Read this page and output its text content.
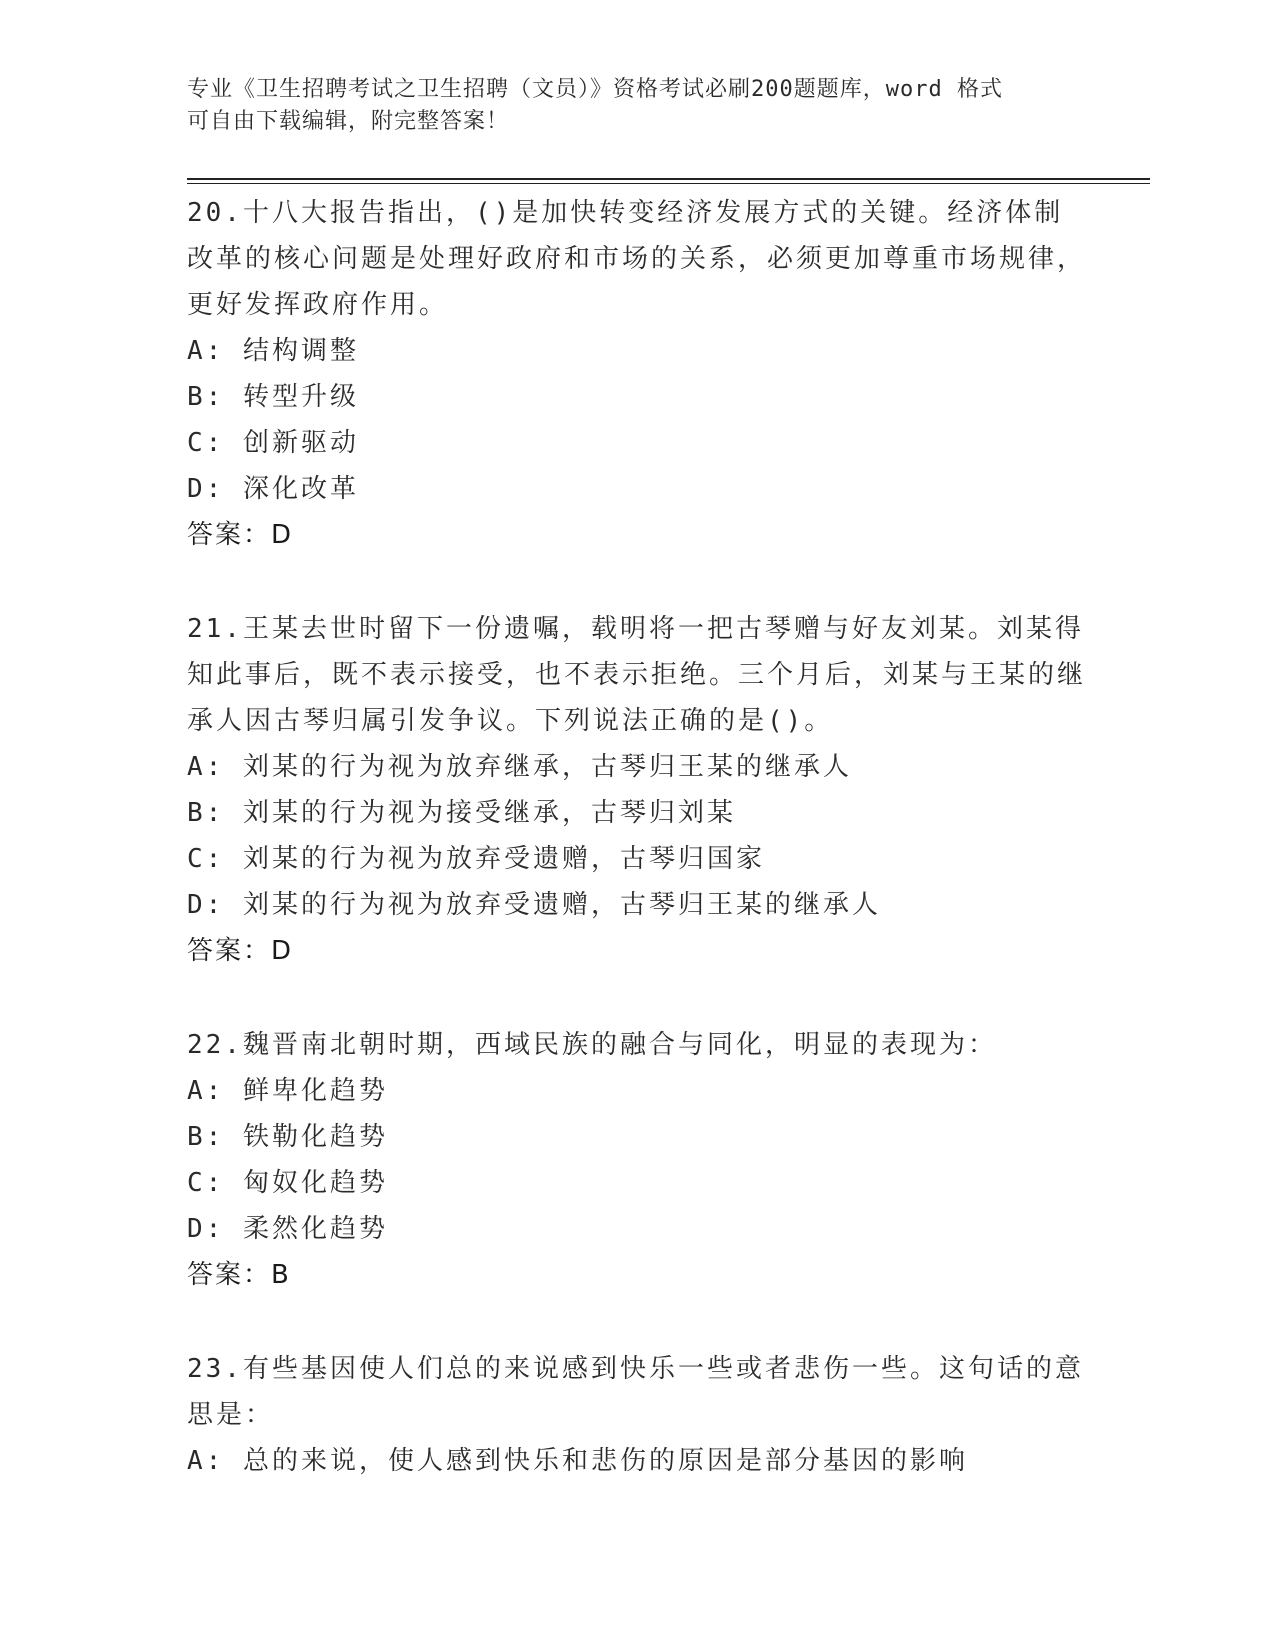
专业《卫生招聘考试之卫生招聘（文员）》资格考试必刷200题题库，word 格式
可自由下载编辑，附完整答案！

20.十八大报告指出，()是加快转变经济发展方式的关键。经济体制改革的核心问题是处理好政府和市场的关系，必须更加尊重市场规律，更好发挥政府作用。

A: 结构调整

B: 转型升级

C: 创新驱动

D: 深化改革

答案：D

21.王某去世时留下一份遗嘱，载明将一把古琴赠与好友刘某。刘某得知此事后，既不表示接受，也不表示拒绝。三个月后，刘某与王某的继承人因古琴归属引发争议。下列说法正确的是()。

A: 刘某的行为视为放弃继承，古琴归王某的继承人

B: 刘某的行为视为接受继承，古琴归刘某

C: 刘某的行为视为放弃受遗赠，古琴归国家

D: 刘某的行为视为放弃受遗赠，古琴归王某的继承人

答案：D

22.魏晋南北朝时期，西域民族的融合与同化，明显的表现为：

A: 鲜卑化趋势

B: 铁勒化趋势

C: 匈奴化趋势

D: 柔然化趋势

答案：B

23.有些基因使人们总的来说感到快乐一些或者悲伤一些。这句话的意思是：

A: 总的来说，使人感到快乐和悲伤的原因是部分基因的影响
